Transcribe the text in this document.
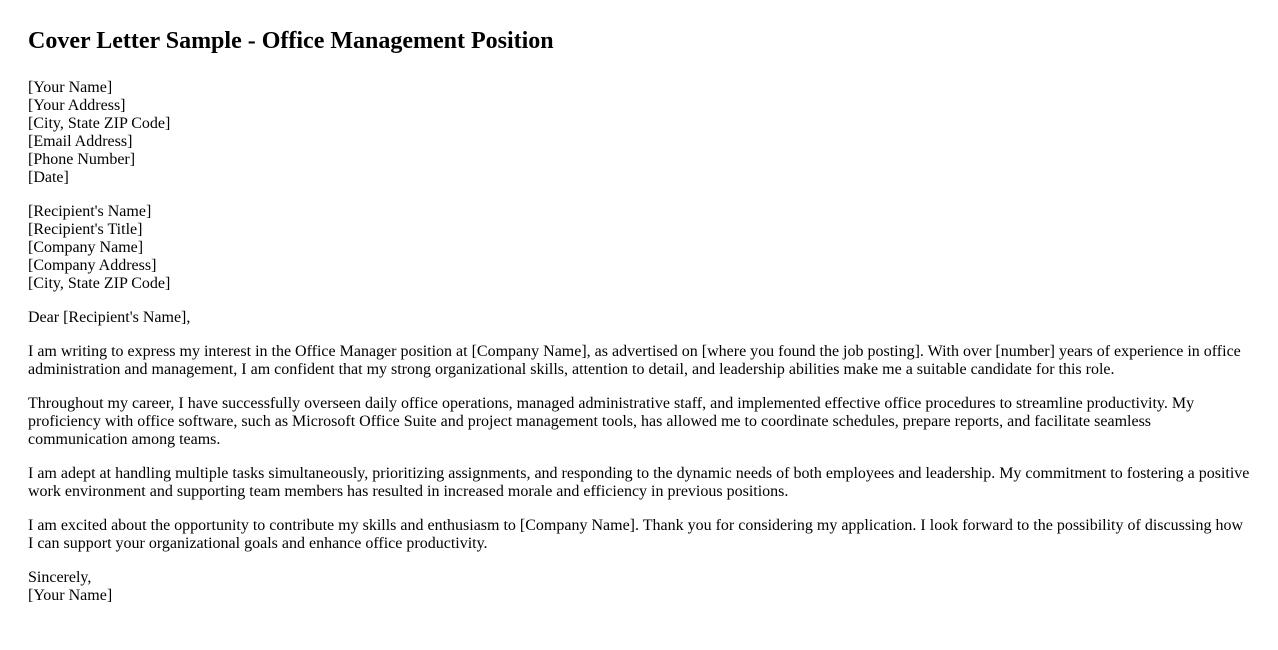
Cover Letter Sample - Office Management Position
[Your Name]
[Your Address]
[City, State ZIP Code]
[Email Address]
[Phone Number]
[Date]
[Recipient's Name]
[Recipient's Title]
[Company Name]
[Company Address]
[City, State ZIP Code]

Dear [Recipient's Name],

I am writing to express my interest in the Office Manager position at [Company Name], as advertised on [where you found the job posting]. With over [number] years of experience in office administration and management, I am confident that my strong organizational skills, attention to detail, and leadership abilities make me a suitable candidate for this role.

Throughout my career, I have successfully overseen daily office operations, managed administrative staff, and implemented effective office procedures to streamline productivity. My proficiency with office software, such as Microsoft Office Suite and project management tools, has allowed me to coordinate schedules, prepare reports, and facilitate seamless communication among teams.

I am adept at handling multiple tasks simultaneously, prioritizing assignments, and responding to the dynamic needs of both employees and leadership. My commitment to fostering a positive work environment and supporting team members has resulted in increased morale and efficiency in previous positions.

I am excited about the opportunity to contribute my skills and enthusiasm to [Company Name]. Thank you for considering my application. I look forward to the possibility of discussing how I can support your organizational goals and enhance office productivity.

Sincerely,
[Your Name]
